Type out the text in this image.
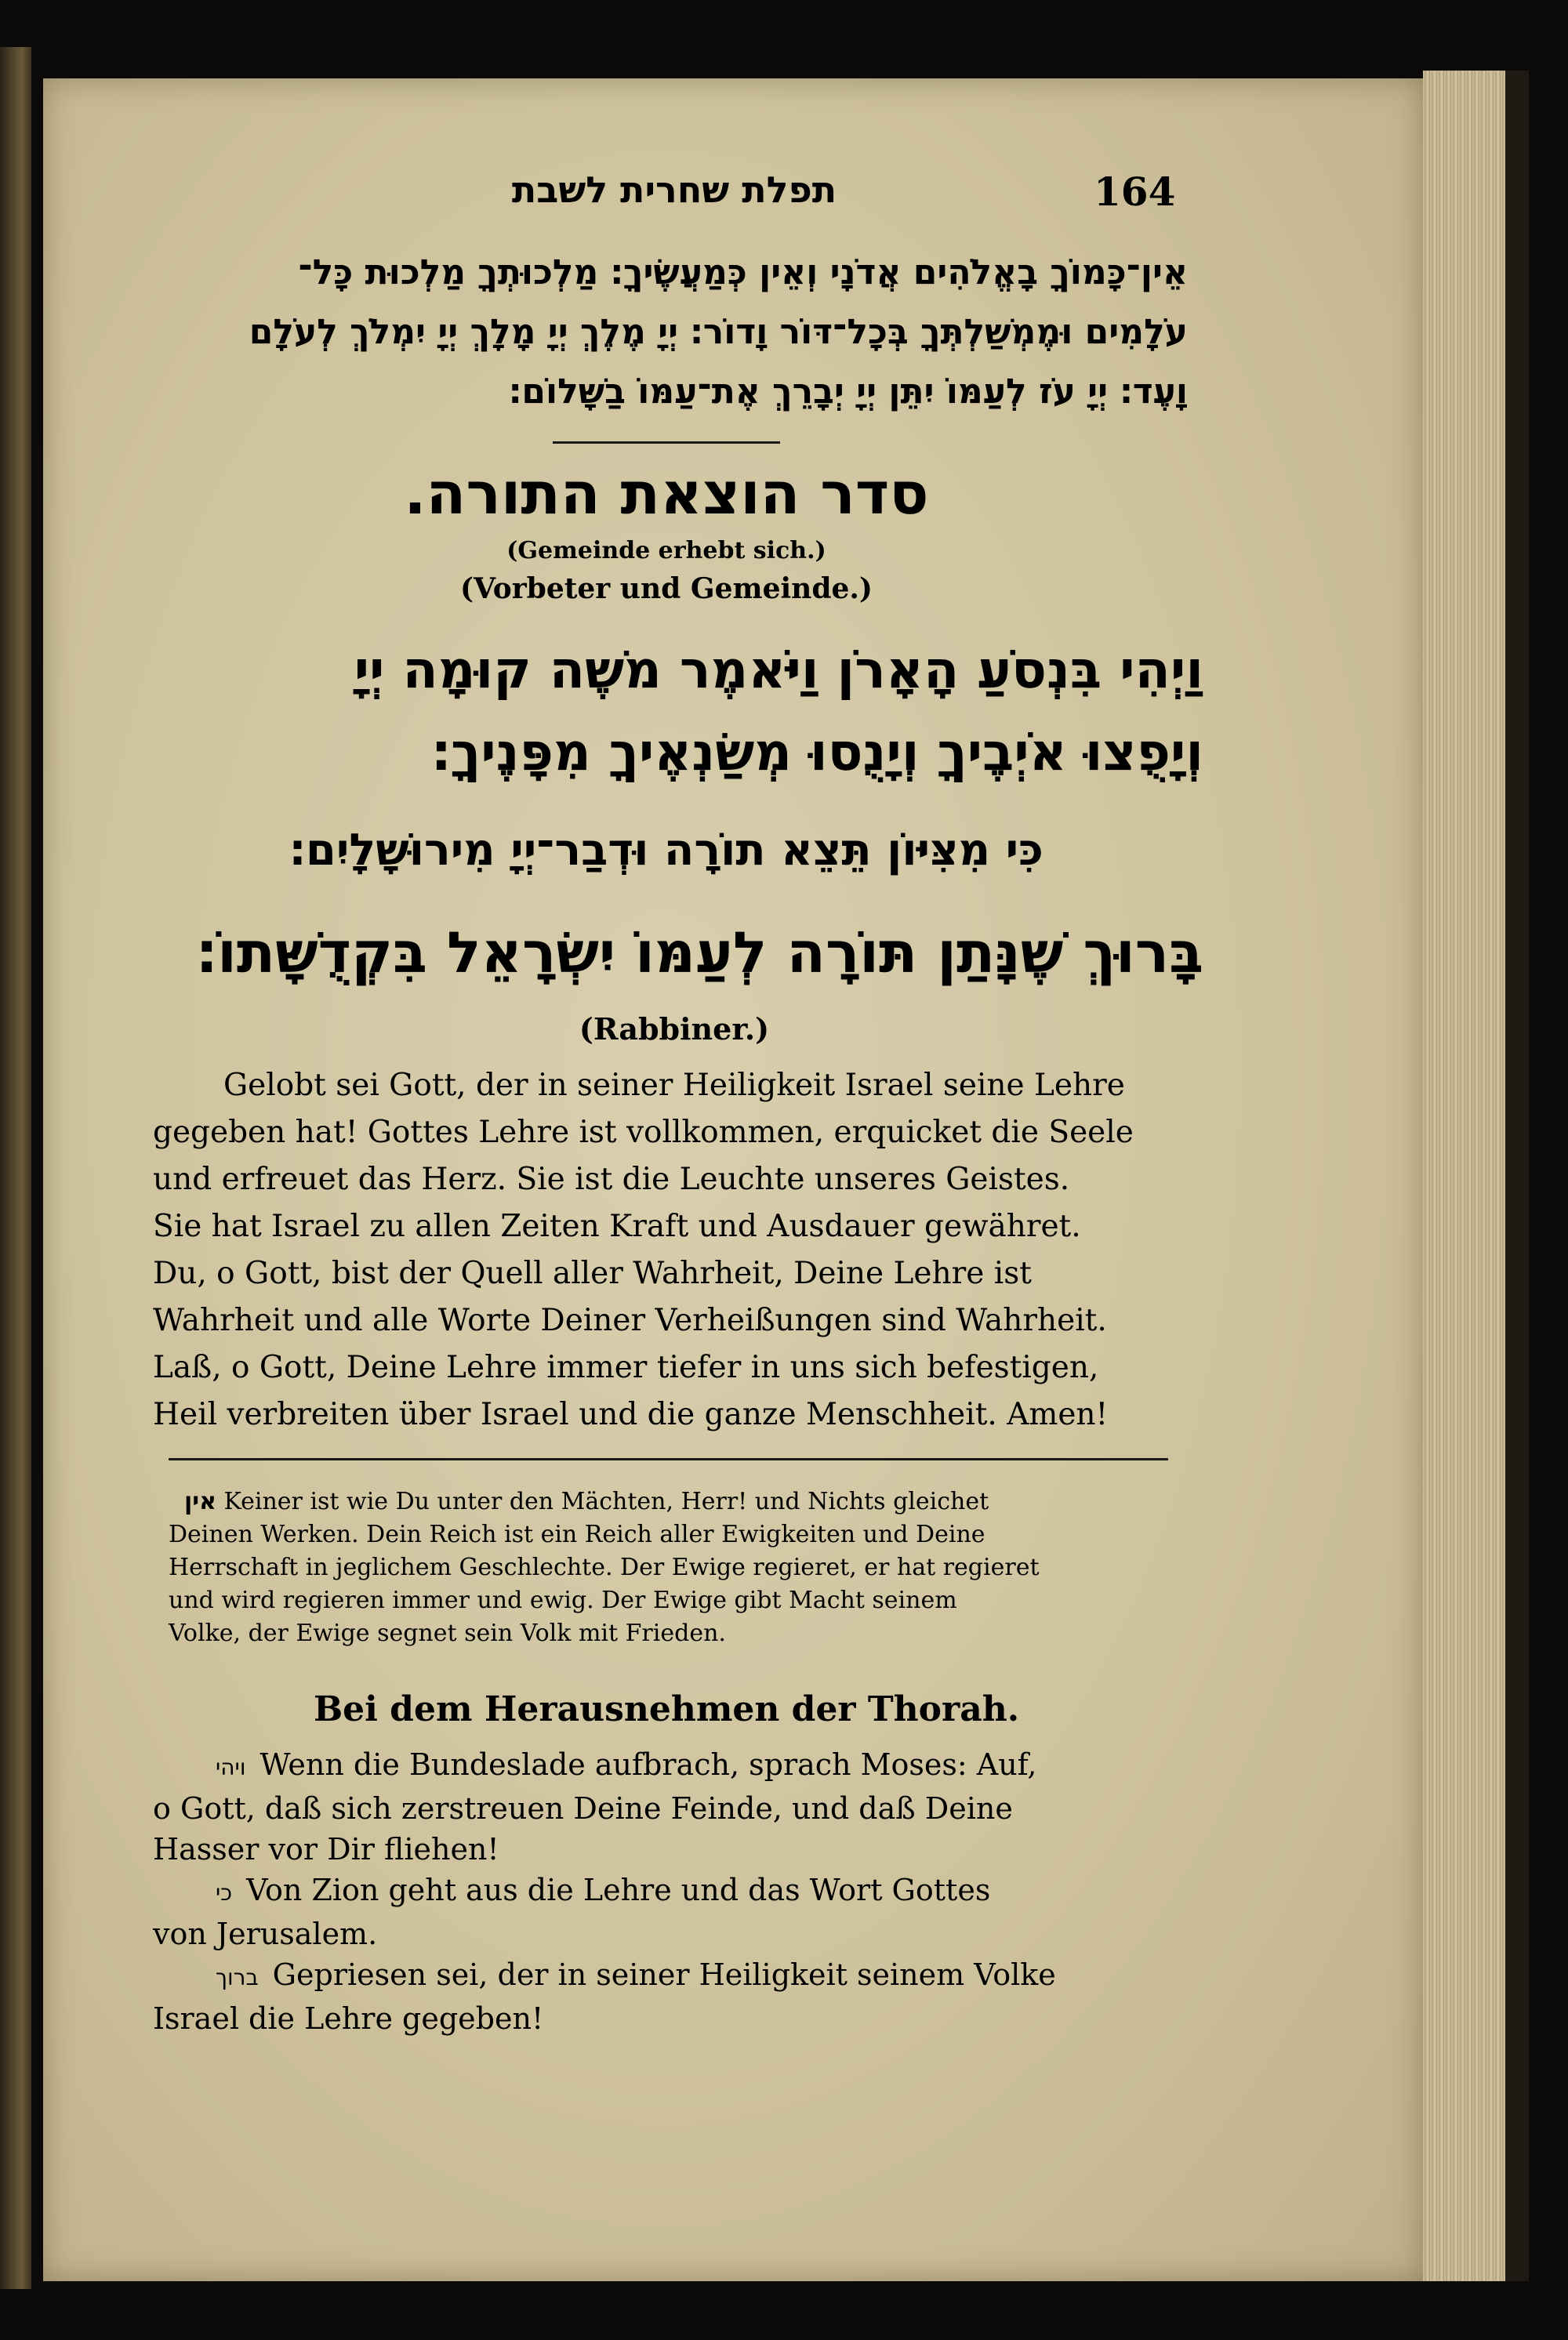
תפלת שחרית לשבת	164
אֵין־כָּמוֹךָ בָאֱלֹהִים אֲדֹנָי וְאֵין כְּמַעֲשֶׂיךָ׃ מַלְכוּתְךָ מַלְכוּת כָּל־
עֹלָמִים וּמֶמְשַׁלְתְּךָ בְּכָל־דּוֹר וָדוֹר׃ יְיָ מֶלֶךְ יְיָ מָלָךְ יְיָ יִמְלֹךְ לְעֹלָם
וָעֶד׃ יְיָ עֹז לְעַמּוֹ יִתֵּן יְיָ יְבָרֵךְ אֶת־עַמּוֹ בַשָּׁלוֹם׃
סדר הוצאת התורה.
(Gemeinde erhebt sich.)
(Vorbeter und Gemeinde.)
וַיְהִי בִּנְסֹעַ הָאָרֹן וַיֹּאמֶר משֶׁה קוּמָה יְיָ
וְיָפֻצוּ אֹיְבֶיךָ וְיָנֻסוּ מְשַׂנְאֶיךָ מִפָּנֶיךָ׃
כִּי מִצִּיּוֹן תֵּצֵא תוֹרָה וּדְבַר־יְיָ מִירוּשָׁלָיִם׃
בָּרוּךְ שֶׁנָּתַן תּוֹרָה לְעַמּוֹ יִשְׂרָאֵל בִּקְדֻשָּׁתוֹ׃
(Rabbiner.)
Gelobt sei Gott, der in seiner Heiligkeit Israel seine Lehre
gegeben hat! Gottes Lehre ist vollkommen, erquicket die Seele
und erfreuet das Herz. Sie ist die Leuchte unseres Geistes.
Sie hat Israel zu allen Zeiten Kraft und Ausdauer gewähret.
Du, o Gott, bist der Quell aller Wahrheit, Deine Lehre ist
Wahrheit und alle Worte Deiner Verheißungen sind Wahrheit.
Laß, o Gott, Deine Lehre immer tiefer in uns sich befestigen,
Heil verbreiten über Israel und die ganze Menschheit. Amen!
אין Keiner ist wie Du unter den Mächten, Herr! und Nichts gleichet
Deinen Werken. Dein Reich ist ein Reich aller Ewigkeiten und Deine
Herrschaft in jeglichem Geschlechte. Der Ewige regieret, er hat regieret
und wird regieren immer und ewig. Der Ewige gibt Macht seinem
Volke, der Ewige segnet sein Volk mit Frieden.
Bei dem Herausnehmen der Thorah.
ויהי Wenn die Bundeslade aufbrach, sprach Moses: Auf,
o Gott, daß sich zerstreuen Deine Feinde, und daß Deine
Hasser vor Dir fliehen!
כי Von Zion geht aus die Lehre und das Wort Gottes
von Jerusalem.
ברוך Gepriesen sei, der in seiner Heiligkeit seinem Volke
Israel die Lehre gegeben!
